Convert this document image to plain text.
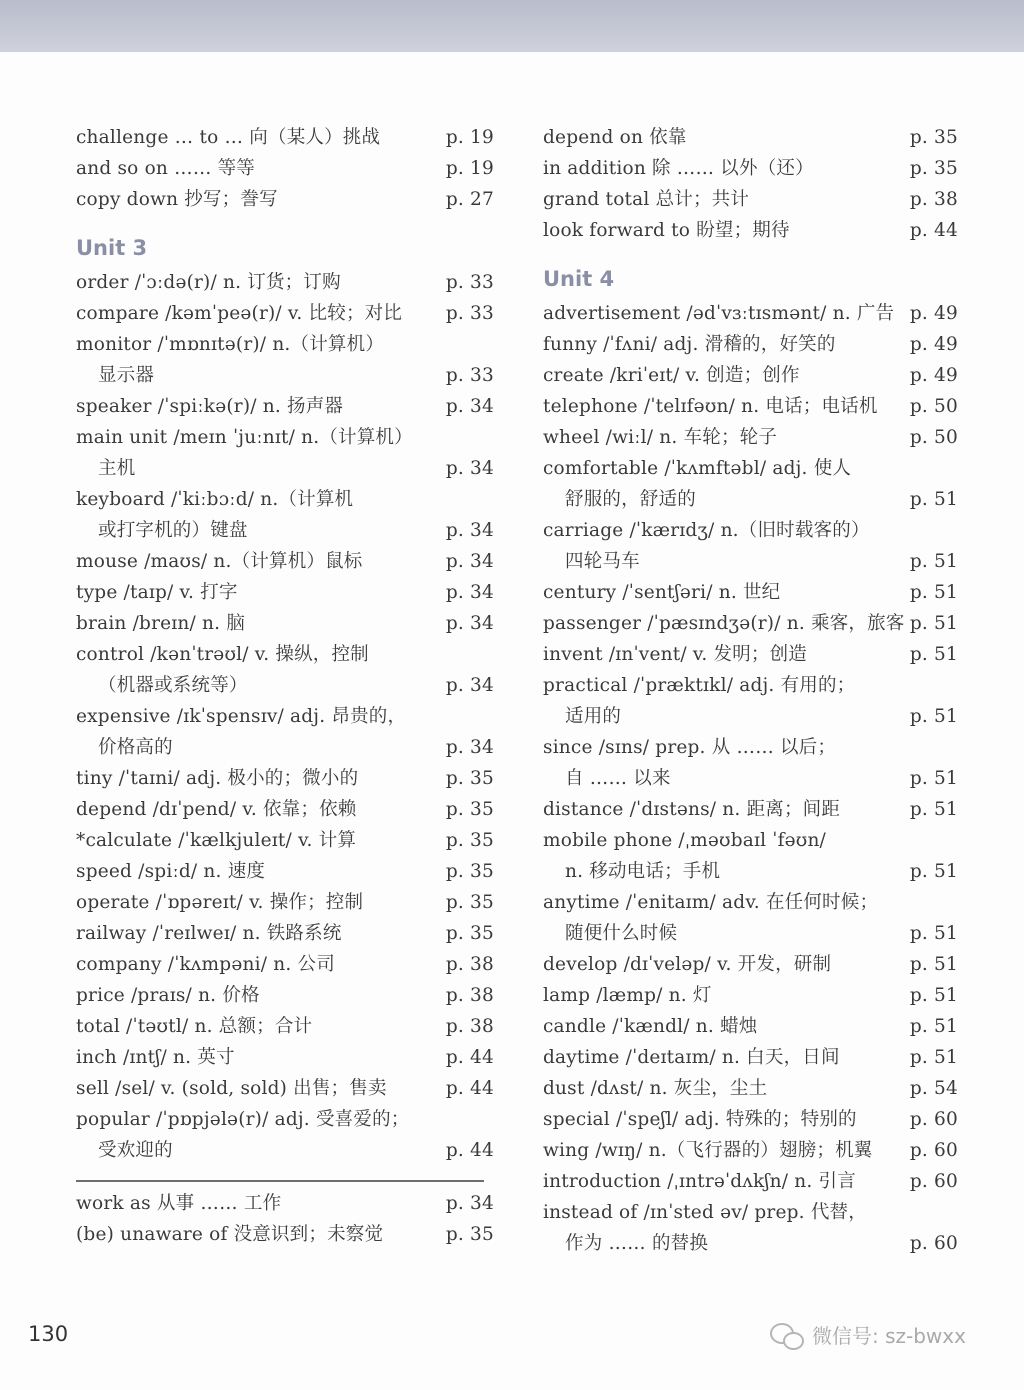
challenge … to … 向（某人）挑战	p. 19
and so on …… 等等	p. 19
copy down 抄写；誊写	p. 27
Unit 3
order /ˈɔːdə(r)/ n. 订货；订购	p. 33
compare /kəmˈpeə(r)/ v. 比较；对比	p. 33
monitor /ˈmɒnɪtə(r)/ n.（计算机）
显示器	p. 33
speaker /ˈspiːkə(r)/ n. 扬声器	p. 34
main unit /meɪn ˈjuːnɪt/ n.（计算机）
主机	p. 34
keyboard /ˈkiːbɔːd/ n.（计算机
或打字机的）键盘	p. 34
mouse /maʊs/ n.（计算机）鼠标	p. 34
type /taɪp/ v. 打字	p. 34
brain /breɪn/ n. 脑	p. 34
control /kənˈtrəʊl/ v. 操纵，控制
（机器或系统等）	p. 34
expensive /ɪkˈspensɪv/ adj. 昂贵的，
价格高的	p. 34
tiny /ˈtaɪni/ adj. 极小的；微小的	p. 35
depend /dɪˈpend/ v. 依靠；依赖	p. 35
*calculate /ˈkælkjuleɪt/ v. 计算	p. 35
speed /spiːd/ n. 速度	p. 35
operate /ˈɒpəreɪt/ v. 操作；控制	p. 35
railway /ˈreɪlweɪ/ n. 铁路系统	p. 35
company /ˈkʌmpəni/ n. 公司	p. 38
price /praɪs/ n. 价格	p. 38
total /ˈtəʊtl/ n. 总额；合计	p. 38
inch /ɪntʃ/ n. 英寸	p. 44
sell /sel/ v. (sold, sold) 出售；售卖	p. 44
popular /ˈpɒpjələ(r)/ adj. 受喜爱的；
受欢迎的	p. 44
work as 从事 …… 工作	p. 34
(be) unaware of 没意识到；未察觉	p. 35
depend on 依靠	p. 35
in addition 除 …… 以外（还）	p. 35
grand total 总计；共计	p. 38
look forward to 盼望；期待	p. 44
Unit 4
advertisement /ədˈvɜːtɪsmənt/ n. 广告 p. 49
funny /ˈfʌni/ adj. 滑稽的，好笑的	p. 49
create /kriˈeɪt/ v. 创造；创作	p. 49
telephone /ˈtelɪfəʊn/ n. 电话；电话机	p. 50
wheel /wiːl/ n. 车轮；轮子	p. 50
comfortable /ˈkʌmftəbl/ adj. 使人
舒服的，舒适的	p. 51
carriage /ˈkærɪdʒ/ n.（旧时载客的）
四轮马车	p. 51
century /ˈsentʃəri/ n. 世纪	p. 51
passenger /ˈpæsɪndʒə(r)/ n. 乘客，旅客 p. 51
invent /ɪnˈvent/ v. 发明；创造	p. 51
practical /ˈpræktɪkl/ adj. 有用的；
适用的	p. 51
since /sɪns/ prep. 从 …… 以后；
自 …… 以来	p. 51
distance /ˈdɪstəns/ n. 距离；间距	p. 51
mobile phone /ˌməʊbaɪl ˈfəʊn/
n. 移动电话；手机	p. 51
anytime /ˈenitaɪm/ adv. 在任何时候；
随便什么时候	p. 51
develop /dɪˈveləp/ v. 开发，研制	p. 51
lamp /læmp/ n. 灯	p. 51
candle /ˈkændl/ n. 蜡烛	p. 51
daytime /ˈdeɪtaɪm/ n. 白天，日间	p. 51
dust /dʌst/ n. 灰尘，尘土	p. 54
special /ˈspeʃl/ adj. 特殊的；特别的	p. 60
wing /wɪŋ/ n.（飞行器的）翅膀；机翼	p. 60
introduction /ˌɪntrəˈdʌkʃn/ n. 引言	p. 60
instead of /ɪnˈsted əv/ prep. 代替，
作为 …… 的替换	p. 60
130	微信号: sz-bwxx
